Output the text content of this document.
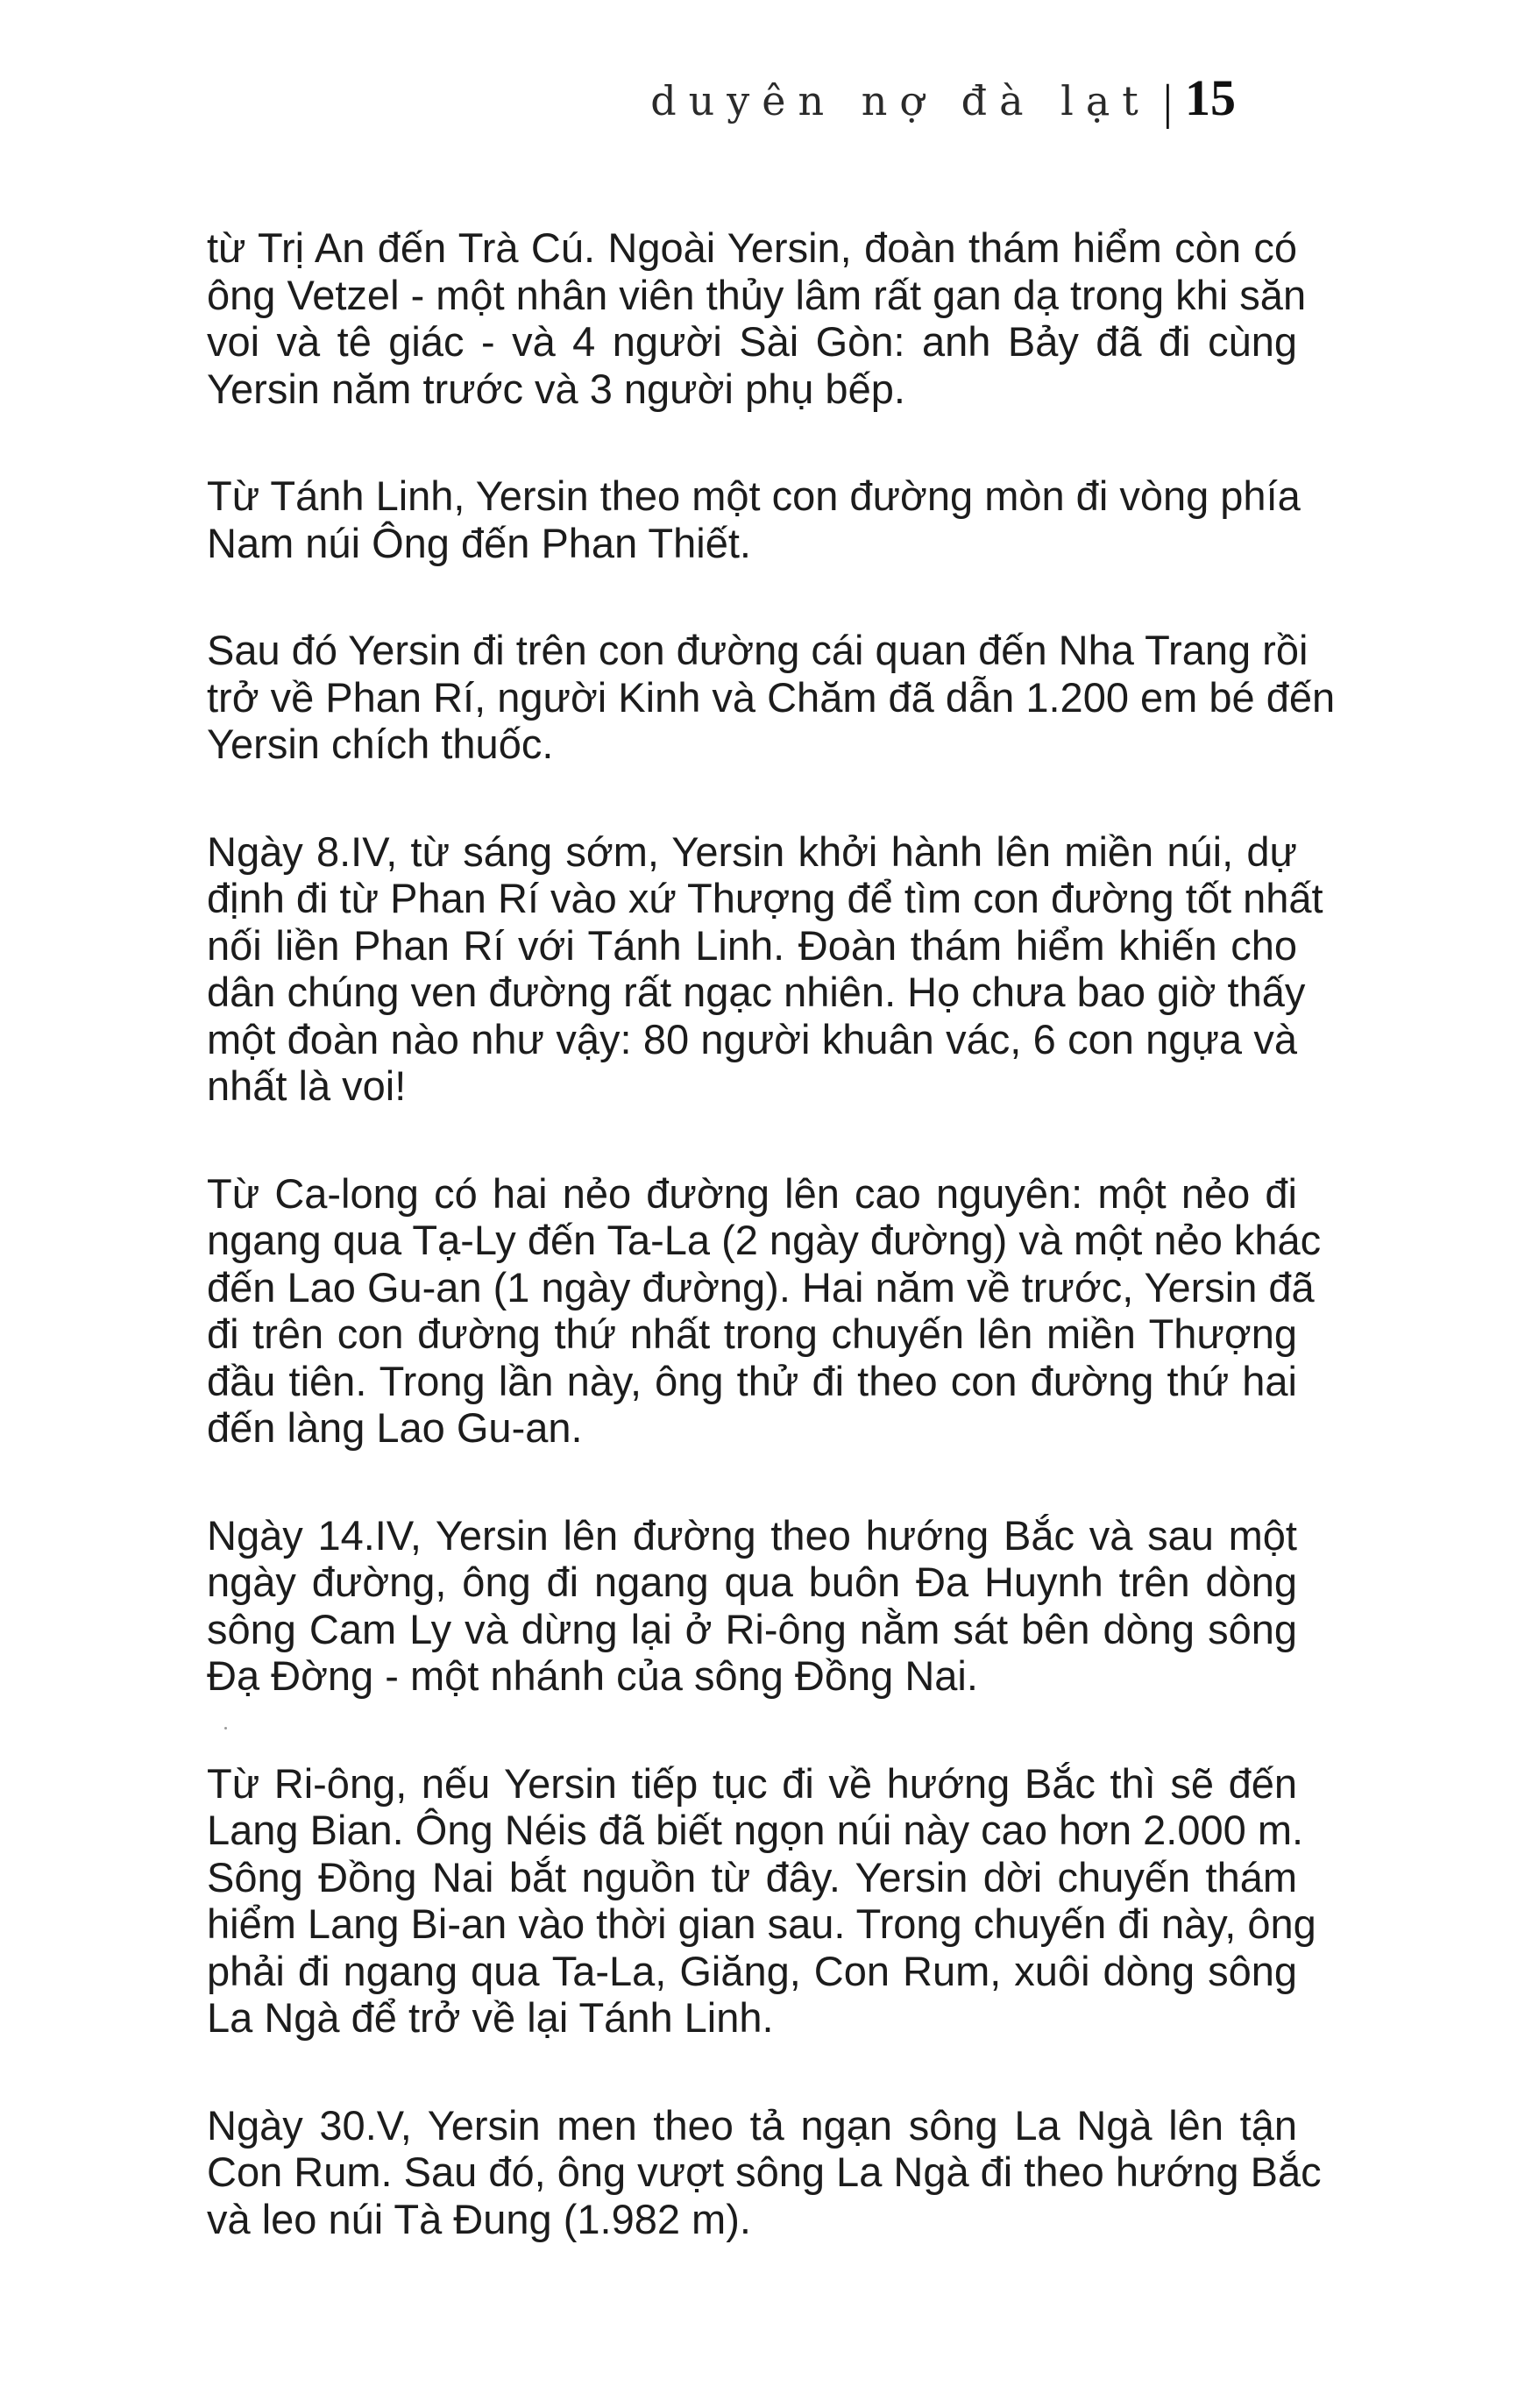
duyên nợ đà lạt | 15

từ Trị An đến Trà Cú. Ngoài Yersin, đoàn thám hiểm còn có
ông Vetzel - một nhân viên thủy lâm rất gan dạ trong khi săn
voi và tê giác - và 4 người Sài Gòn: anh Bảy đã đi cùng
Yersin năm trước và 3 người phụ bếp.

Từ Tánh Linh, Yersin theo một con đường mòn đi vòng phía
Nam núi Ông đến Phan Thiết.

Sau đó Yersin đi trên con đường cái quan đến Nha Trang rồi
trở về Phan Rí, người Kinh và Chăm đã dẫn 1.200 em bé đến
Yersin chích thuốc.

Ngày 8.IV, từ sáng sớm, Yersin khởi hành lên miền núi, dự
định đi từ Phan Rí vào xứ Thượng để tìm con đường tốt nhất
nối liền Phan Rí với Tánh Linh. Đoàn thám hiểm khiến cho
dân chúng ven đường rất ngạc nhiên. Họ chưa bao giờ thấy
một đoàn nào như vậy: 80 người khuân vác, 6 con ngựa và
nhất là voi!

Từ Ca-long có hai nẻo đường lên cao nguyên: một nẻo đi
ngang qua Tạ-Ly đến Ta-La (2 ngày đường) và một nẻo khác
đến Lao Gu-an (1 ngày đường). Hai năm về trước, Yersin đã
đi trên con đường thứ nhất trong chuyến lên miền Thượng
đầu tiên. Trong lần này, ông thử đi theo con đường thứ hai
đến làng Lao Gu-an.

Ngày 14.IV, Yersin lên đường theo hướng Bắc và sau một
ngày đường, ông đi ngang qua buôn Đa Huynh trên dòng
sông Cam Ly và dừng lại ở Ri-ông nằm sát bên dòng sông
Đạ Đờng - một nhánh của sông Đồng Nai.

Từ Ri-ông, nếu Yersin tiếp tục đi về hướng Bắc thì sẽ đến
Lang Bian. Ông Néis đã biết ngọn núi này cao hơn 2.000 m.
Sông Đồng Nai bắt nguồn từ đây. Yersin dời chuyến thám
hiểm Lang Bi-an vào thời gian sau. Trong chuyến đi này, ông
phải đi ngang qua Ta-La, Giăng, Con Rum, xuôi dòng sông
La Ngà để trở về lại Tánh Linh.

Ngày 30.V, Yersin men theo tả ngạn sông La Ngà lên tận
Con Rum. Sau đó, ông vượt sông La Ngà đi theo hướng Bắc
và leo núi Tà Đung (1.982 m).
